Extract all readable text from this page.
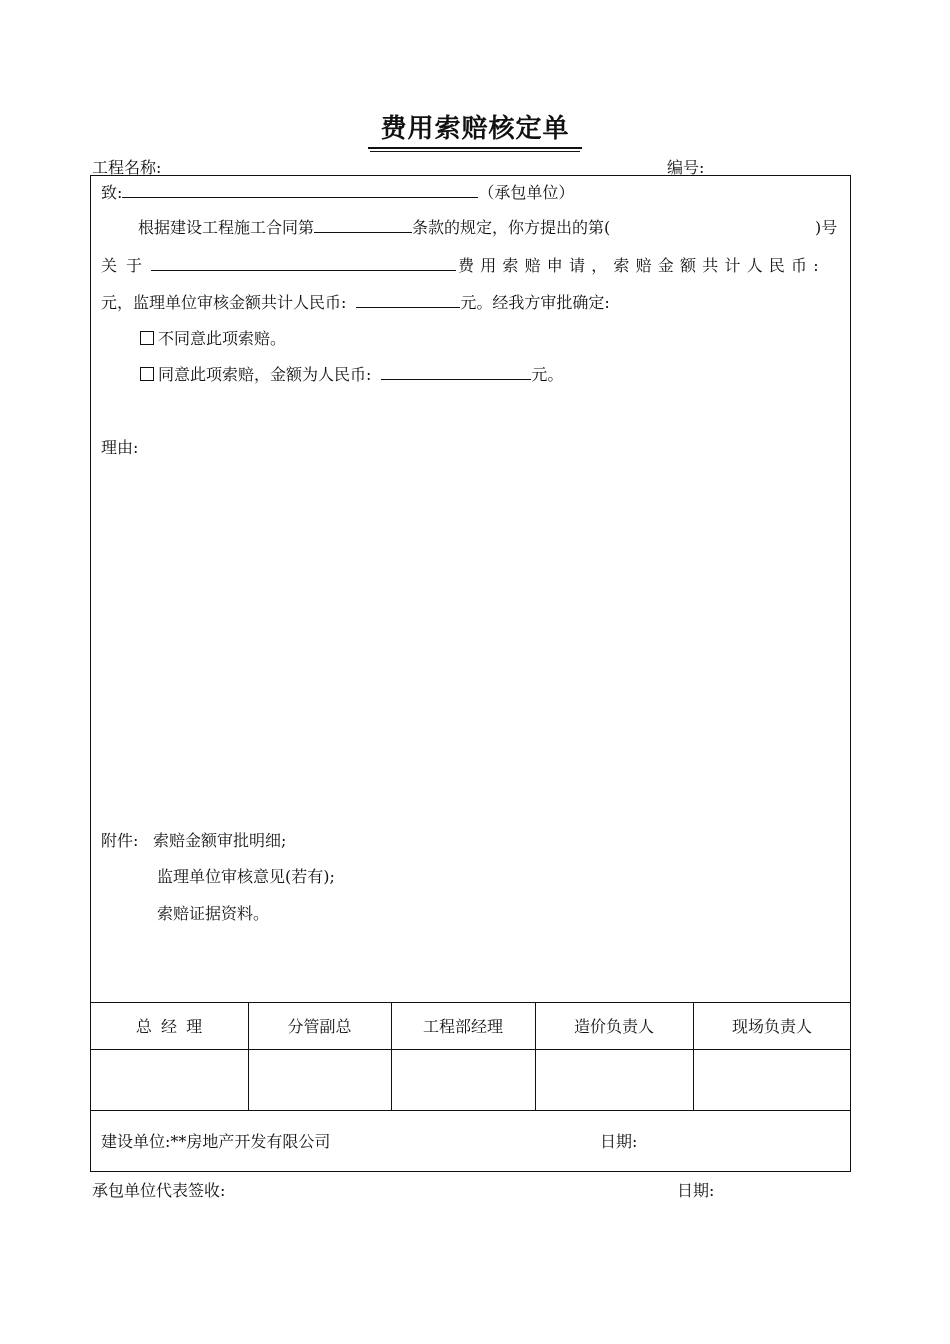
费用索赔核定单
工程名称:	编号:
致:	（承包单位）
根据建设工程施工合同第	条款的规定，你方提出的第(	)号
关于	费用索赔申请，索赔金额共计人民币:
元，监理单位审核金额共计人民币:	元。经我方审批确定:
不同意此项索赔。
同意此项索赔，金额为人民币:	元。
理由:
附件: 索赔金额审批明细;
监理单位审核意见(若有);
索赔证据资料。
总 经 理	分管副总	工程部经理	造价负责人	现场负责人
建设单位:**房地产开发有限公司	日期:
承包单位代表签收:	日期:
